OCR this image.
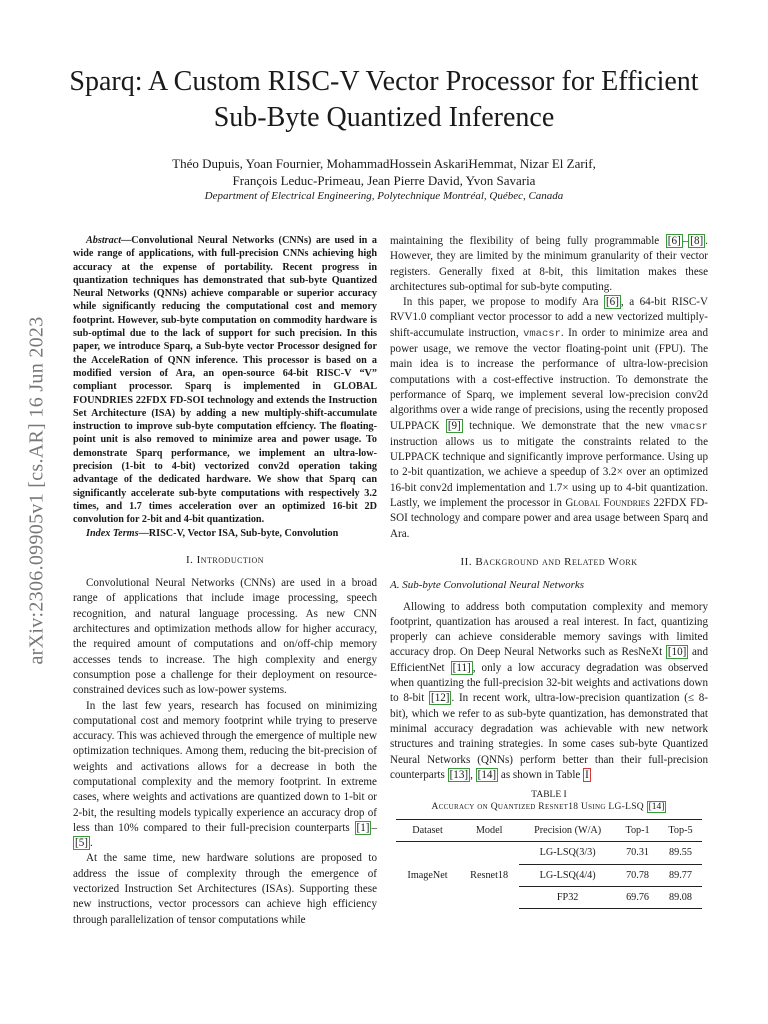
arXiv:2306.09905v1 [cs.AR] 16 Jun 2023
Sparq: A Custom RISC-V Vector Processor for Efficient Sub-Byte Quantized Inference
Théo Dupuis, Yoan Fournier, MohammadHossein AskariHemmat, Nizar El Zarif,
François Leduc-Primeau, Jean Pierre David, Yvon Savaria
Department of Electrical Engineering, Polytechnique Montréal, Québec, Canada

Abstract—Convolutional Neural Networks (CNNs) are used in a wide range of applications, with full-precision CNNs achieving high accuracy at the expense of portability. Recent progress in quantization techniques has demonstrated that sub-byte Quantized Neural Networks (QNNs) achieve comparable or superior accuracy while significantly reducing the computational cost and memory footprint. However, sub-byte computation on commodity hardware is sub-optimal due to the lack of support for such precision. In this paper, we introduce Sparq, a Sub-byte vector Processor designed for the AcceleRation of QNN inference. This processor is based on a modified version of Ara, an open-source 64-bit RISC-V “V” compliant processor. Sparq is implemented in GLOBAL FOUNDRIES 22FDX FD-SOI technology and extends the Instruction Set Architecture (ISA) by adding a new multiply-shift-accumulate instruction to improve sub-byte computation effciency. The floating-point unit is also removed to minimize area and power usage. To demonstrate Sparq performance, we implement an ultra-low-precision (1-bit to 4-bit) vectorized conv2d operation taking advantage of the dedicated hardware. We show that Sparq can significantly accelerate sub-byte computations with respectively 3.2 times, and 1.7 times acceleration over an optimized 16-bit 2D convolution for 2-bit and 4-bit quantization.

Index Terms—RISC-V, Vector ISA, Sub-byte, Convolution

I. Introduction

Convolutional Neural Networks (CNNs) are used in a broad range of applications that include image processing, speech recognition, and natural language processing. As new CNN architectures and optimization methods allow for higher accuracy, the required amount of computations and on/off-chip memory accesses tends to increase. The high complexity and energy consumption pose a challenge for their deployment on resource-constrained devices such as low-power systems.

In the last few years, research has focused on minimizing computational cost and memory footprint while trying to preserve accuracy. This was achieved through the emergence of multiple new optimization techniques. Among them, reducing the bit-precision of weights and activations allows for a decrease in both the computational complexity and the memory footprint. In extreme cases, where weights and activations are quantized down to 1-bit or 2-bit, the resulting models typically experience an accuracy drop of less than 10% compared to their full-precision counterparts [1] –[5] .

At the same time, new hardware solutions are proposed to address the issue of complexity through the emergence of vectorized Instruction Set Architectures (ISAs). Supporting these new instructions, vector processors can achieve high efficiency through parallelization of tensor computations while

maintaining the flexibility of being fully programmable [6] – [8] . However, they are limited by the minimum granularity of their vector registers. Generally fixed at 8-bit, this limitation makes these architectures sub-optimal for sub-byte computing.

In this paper, we propose to modify Ara [6] , a 64-bit RISC-V RVV1.0 compliant vector processor to add a new vectorized multiply-shift-accumulate instruction, vmacsr. In order to minimize area and power usage, we remove the vector floating-point unit (FPU). The main idea is to increase the performance of ultra-low-precision computations with a cost-effective instruction. To demonstrate the performance of Sparq, we implement several low-precision conv2d algorithms over a wide range of precisions, using the recently proposed ULPPACK [9] technique. We demonstrate that the new vmacsr instruction allows us to mitigate the constraints related to the ULPPACK technique and significantly improve performance. Using up to 2-bit quantization, we achieve a speedup of 3.2× over an optimized 16-bit conv2d implementation and 1.7× using up to 4-bit quantization. Lastly, we implement the processor in Global Foundries 22FDX FD-SOI technology and compare power and area usage between Sparq and Ara.

II. Background and Related Work
A. Sub-byte Convolutional Neural Networks

Allowing to address both computation complexity and memory footprint, quantization has aroused a real interest. In fact, quantizing properly can achieve considerable memory savings with limited accuracy drop. On Deep Neural Networks such as ResNeXt [10] and EfficientNet [11] , only a low accuracy degradation was observed when quantizing the full-precision 32-bit weights and activations down to 8-bit [12] . In recent work, ultra-low-precision quantization (≤ 8-bit), which we refer to as sub-byte quantization, has demonstrated that minimal accuracy degradation was achievable with new network structures and training strategies. In some cases sub-byte Quantized Neural Networks (QNNs) perform better than their full-precision counterparts [13] , [14] as shown in Table I

TABLE I
Accuracy on Quantized Resnet18 Using LG-LSQ [14]
Dataset	Model	Precision (W/A)	Top-1	Top-5
ImageNet	Resnet18	LG-LSQ(3/3)	70.31	89.55
		LG-LSQ(4/4)	70.78	89.77
		FP32	69.76	89.08
